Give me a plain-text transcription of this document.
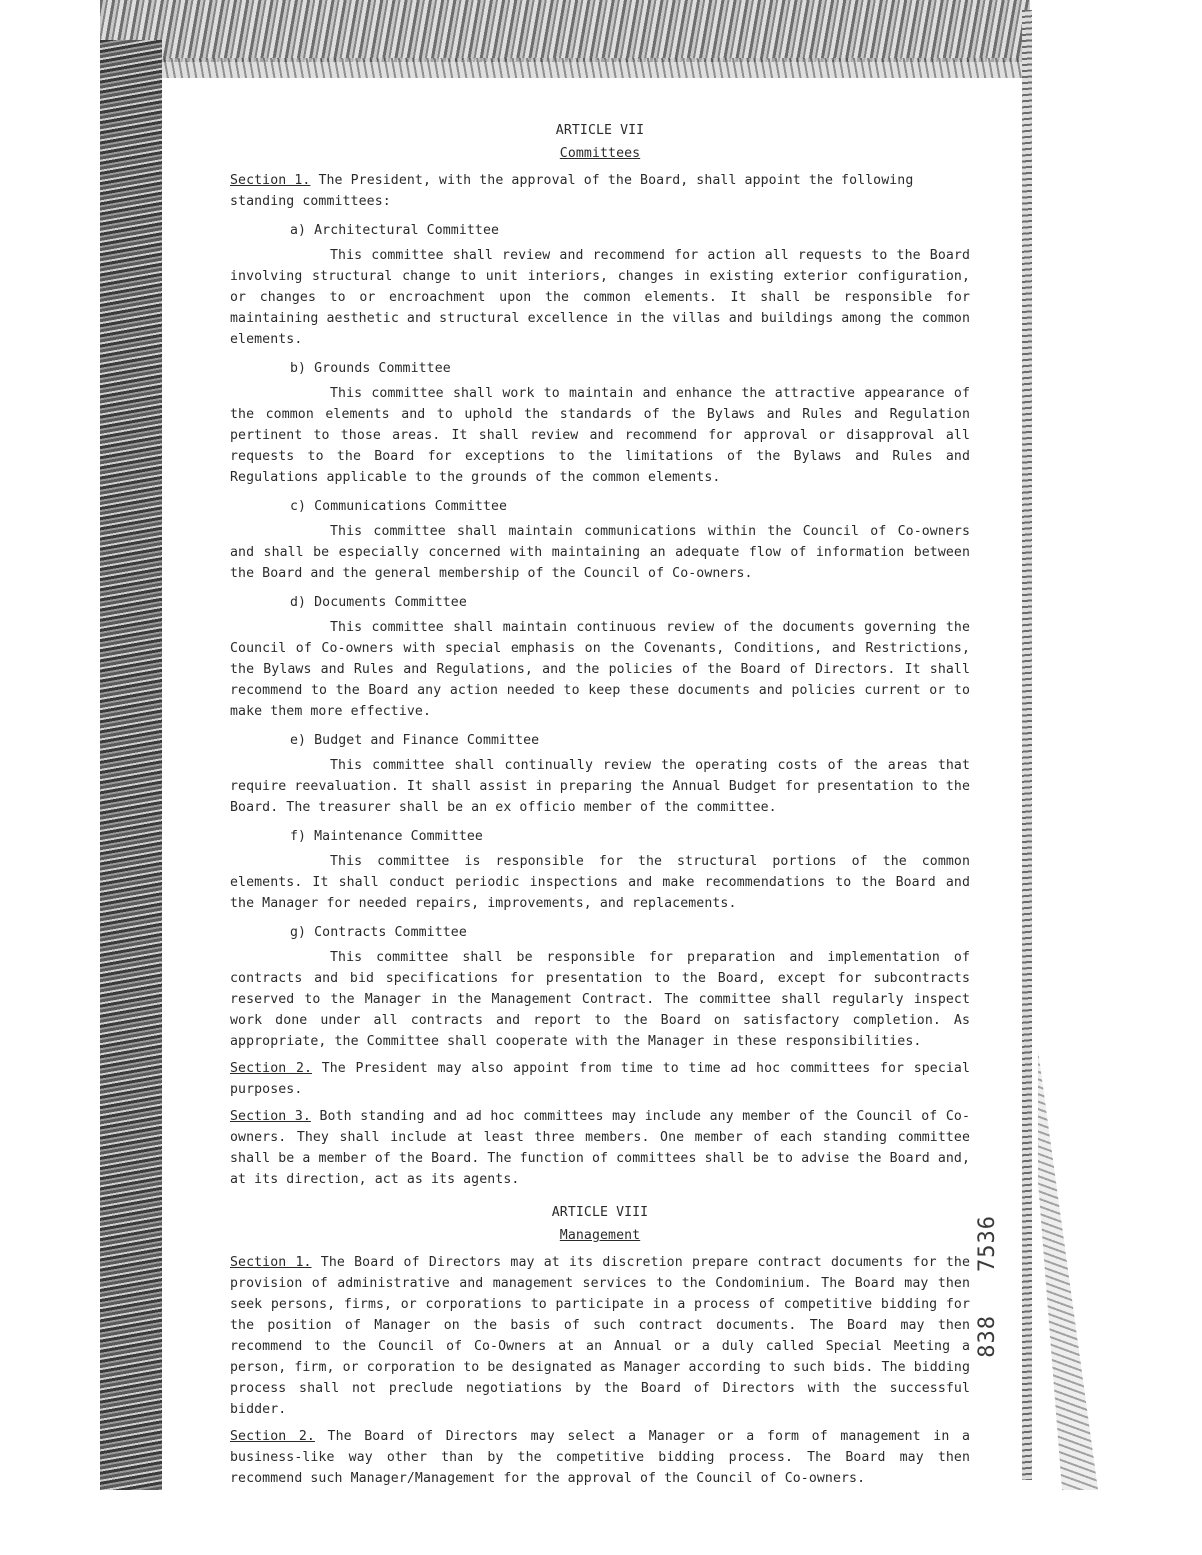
ARTICLE VII

Committees

Section 1. The President, with the approval of the Board, shall appoint the following standing committees:

a) Architectural Committee

This committee shall review and recommend for action all requests to the Board involving structural change to unit interiors, changes in existing exterior configuration, or changes to or encroachment upon the common elements. It shall be responsible for maintaining aesthetic and structural excellence in the villas and buildings among the common elements.

b) Grounds Committee

This committee shall work to maintain and enhance the attractive appearance of the common elements and to uphold the standards of the Bylaws and Rules and Regulation pertinent to those areas. It shall review and recommend for approval or disapproval all requests to the Board for exceptions to the limitations of the Bylaws and Rules and Regulations applicable to the grounds of the common elements.

c) Communications Committee

This committee shall maintain communications within the Council of Co-owners and shall be especially concerned with maintaining an adequate flow of information between the Board and the general membership of the Council of Co-owners.

d) Documents Committee

This committee shall maintain continuous review of the documents governing the Council of Co-owners with special emphasis on the Covenants, Conditions, and Restrictions, the Bylaws and Rules and Regulations, and the policies of the Board of Directors. It shall recommend to the Board any action needed to keep these documents and policies current or to make them more effective.

e) Budget and Finance Committee

This committee shall continually review the operating costs of the areas that require reevaluation. It shall assist in preparing the Annual Budget for presentation to the Board. The treasurer shall be an ex officio member of the committee.

f) Maintenance Committee

This committee is responsible for the structural portions of the common elements. It shall conduct periodic inspections and make recommendations to the Board and the Manager for needed repairs, improvements, and replacements.

g) Contracts Committee

This committee shall be responsible for preparation and implementation of contracts and bid specifications for presentation to the Board, except for subcontracts reserved to the Manager in the Management Contract. The committee shall regularly inspect work done under all contracts and report to the Board on satisfactory completion. As appropriate, the Committee shall cooperate with the Manager in these responsibilities.

Section 2. The President may also appoint from time to time ad hoc committees for special purposes.

Section 3. Both standing and ad hoc committees may include any member of the Council of Co-owners. They shall include at least three members. One member of each standing committee shall be a member of the Board. The function of committees shall be to advise the Board and, at its direction, act as its agents.

ARTICLE VIII

Management

Section 1. The Board of Directors may at its discretion prepare contract documents for the provision of administrative and management services to the Condominium. The Board may then seek persons, firms, or corporations to participate in a process of competitive bidding for the position of Manager on the basis of such contract documents. The Board may then recommend to the Council of Co-Owners at an Annual or a duly called Special Meeting a person, firm, or corporation to be designated as Manager according to such bids. The bidding process shall not preclude negotiations by the Board of Directors with the successful bidder.

Section 2. The Board of Directors may select a Manager or a form of management in a business-like way other than by the competitive bidding process. The Board may then recommend such Manager/Management for the approval of the Council of Co-owners.

7536
838
